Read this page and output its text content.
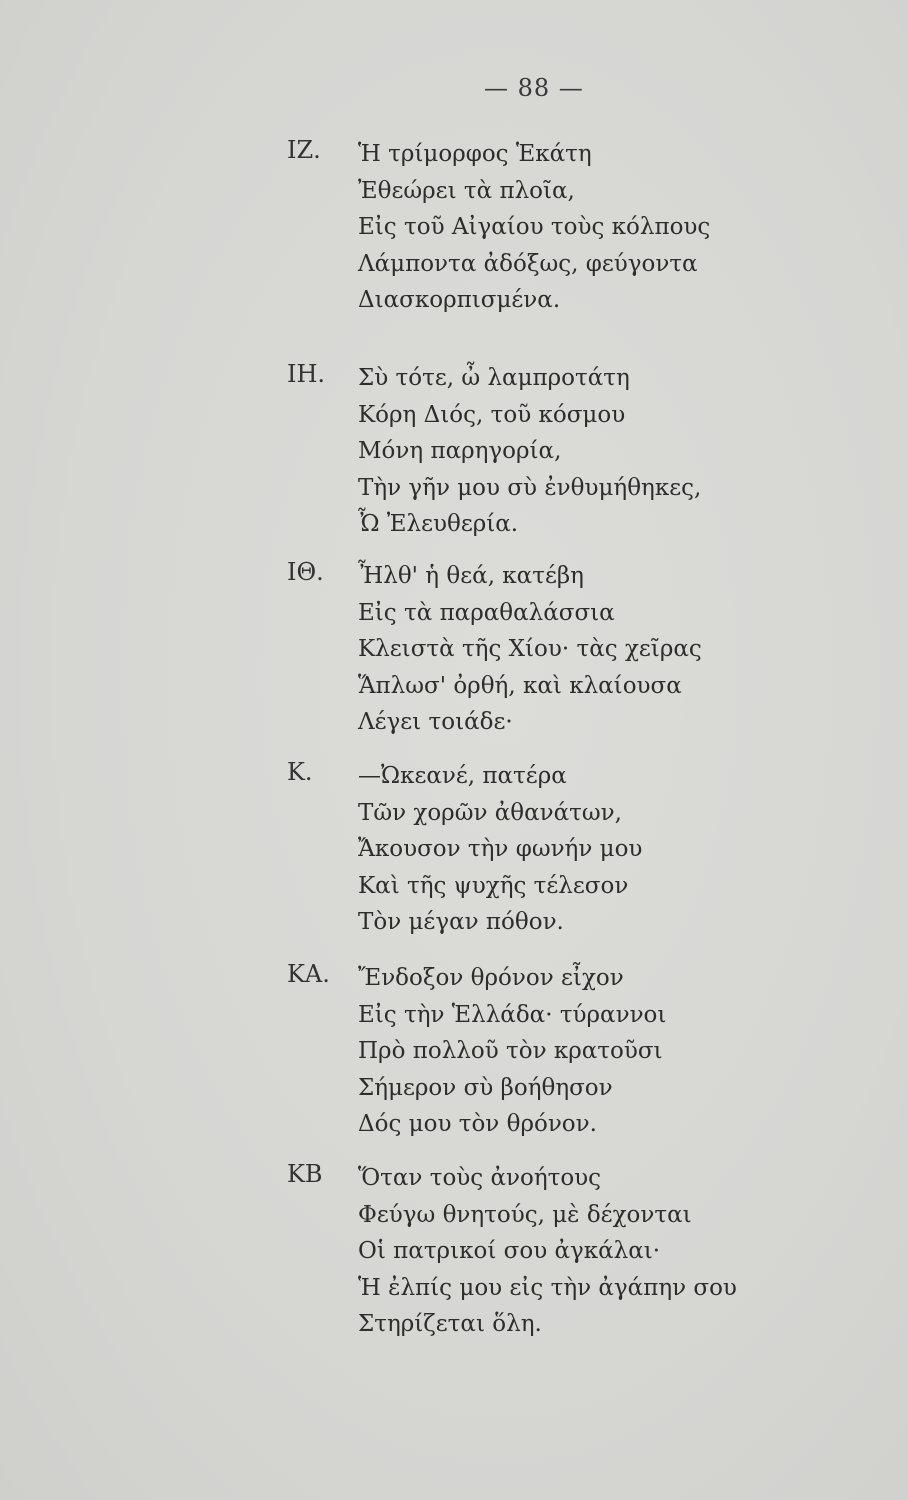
— 88 —
ΙΖ. Ἡ τρίμορφος Ἑκάτη
Ἐθεώρει τὰ πλοῖα,
Εἰς τοῦ Αἰγαίου τοὺς κόλπους
Λάμποντα ἀδόξως, φεύγοντα
Διασκορπισμένα.
ΙΗ. Σὺ τότε, ὦ λαμπροτάτη
Κόρη Διός, τοῦ κόσμου
Μόνη παρηγορία,
Τὴν γῆν μου σὺ ἐνθυμήθηκες,
Ὦ Ἐλευθερία.
ΙΘ. Ἦλθ' ἡ θεά, κατέβη
Εἰς τὰ παραθαλάσσια
Κλειστὰ τῆς Χίου· τὰς χεῖρας
Ἅπλωσ' ὀρθή, καὶ κλαίουσα
Λέγει τοιάδε·
Κ. —Ὠκεανέ, πατέρα
Τῶν χορῶν ἀθανάτων,
Ἄκουσον τὴν φωνήν μου
Καὶ τῆς ψυχῆς τέλεσον
Τὸν μέγαν πόθον.
ΚΑ. Ἔνδοξον θρόνον εἶχον
Εἰς τὴν Ἑλλάδα· τύραννοι
Πρὸ πολλοῦ τὸν κρατοῦσι
Σήμερον σὺ βοήθησον
Δός μου τὸν θρόνον.
ΚΒ Ὅταν τοὺς ἀνοήτους
Φεύγω θνητούς, μὲ δέχονται
Οἱ πατρικοί σου ἀγκάλαι·
Ἡ ἐλπίς μου εἰς τὴν ἀγάπην σου
Στηρίζεται ὅλη.
